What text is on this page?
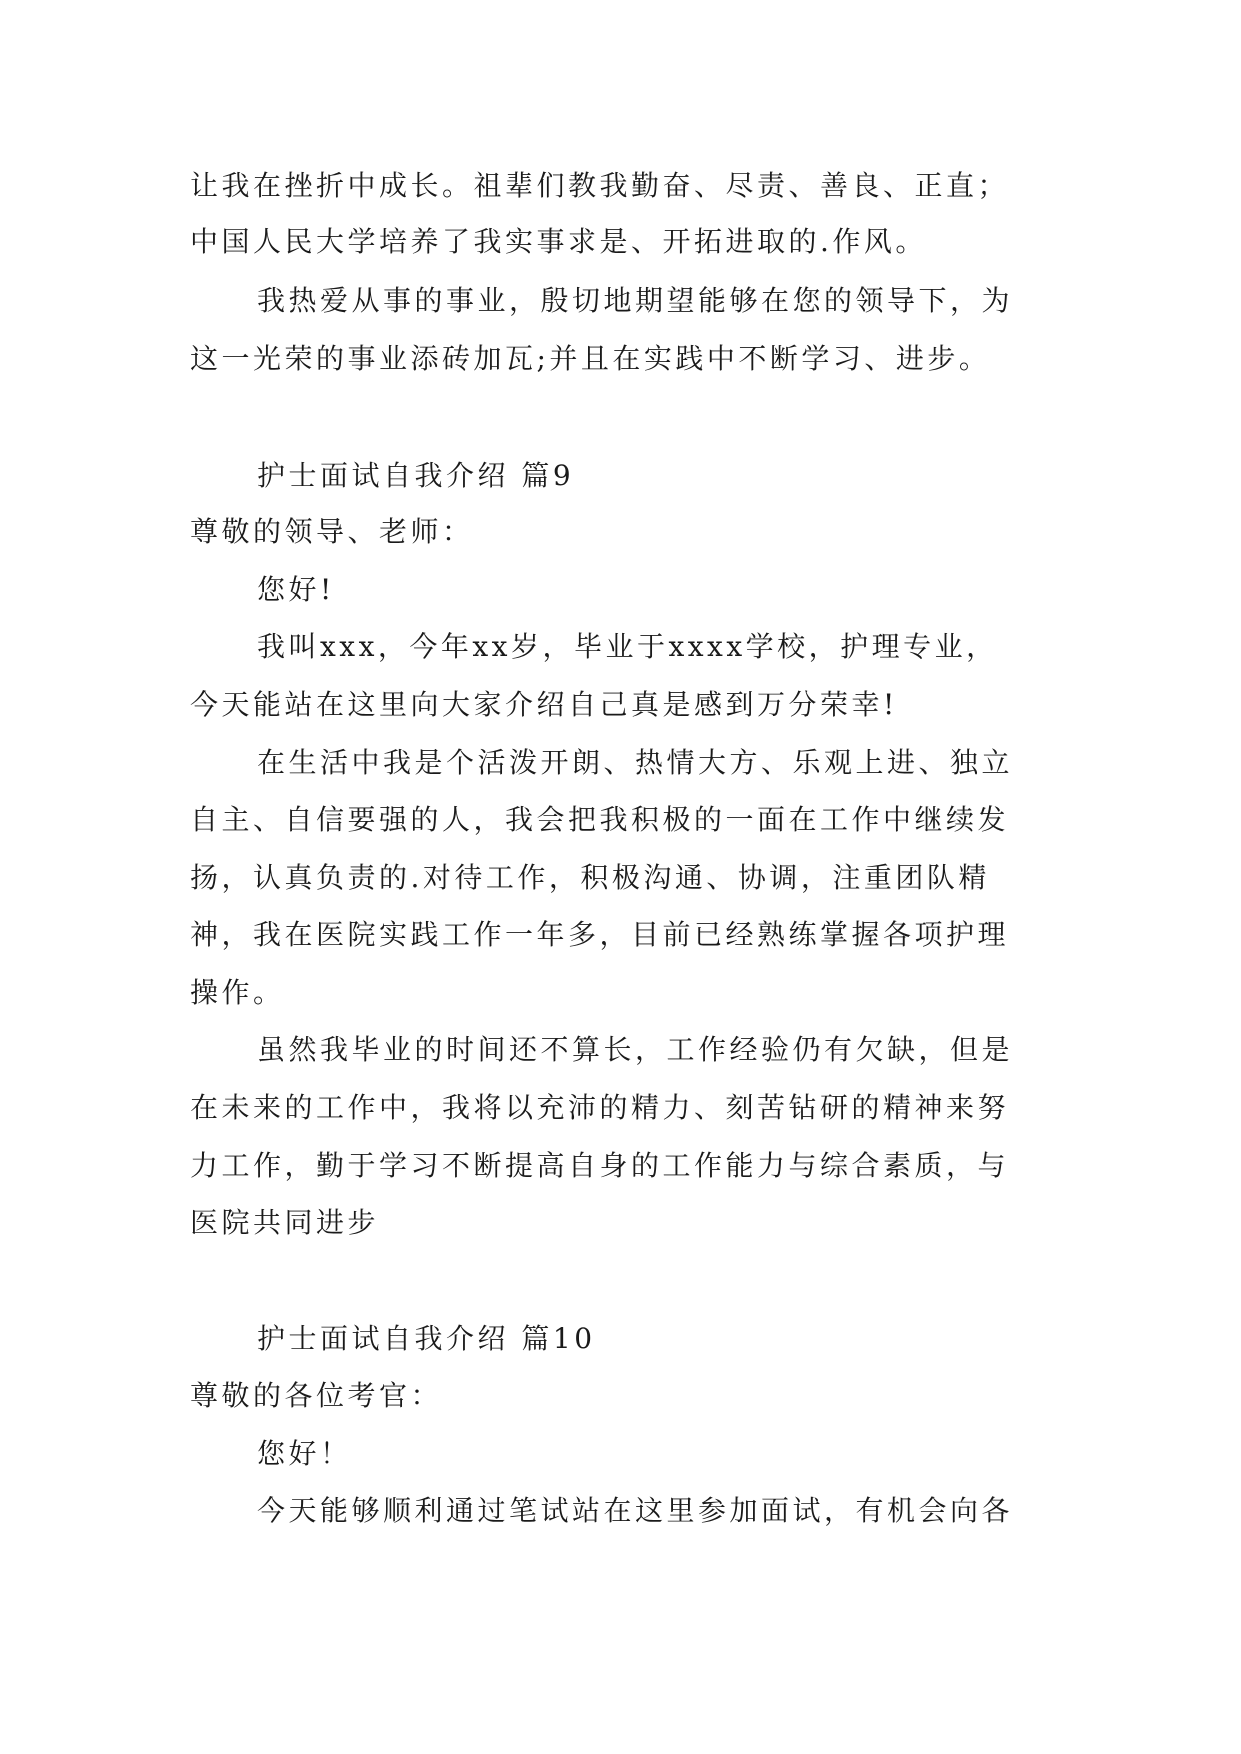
让我在挫折中成长。祖辈们教我勤奋、尽责、善良、正直；
中国人民大学培养了我实事求是、开拓进取的.作风。
我热爱从事的事业，殷切地期望能够在您的领导下，为
这一光荣的事业添砖加瓦;并且在实践中不断学习、进步。
护士面试自我介绍 篇9
尊敬的领导、老师：
您好!
我叫xxx，今年xx岁，毕业于xxxx学校，护理专业，
今天能站在这里向大家介绍自己真是感到万分荣幸!
在生活中我是个活泼开朗、热情大方、乐观上进、独立
自主、自信要强的人，我会把我积极的一面在工作中继续发
扬，认真负责的.对待工作，积极沟通、协调，注重团队精
神，我在医院实践工作一年多，目前已经熟练掌握各项护理
操作。
虽然我毕业的时间还不算长，工作经验仍有欠缺，但是
在未来的工作中，我将以充沛的精力、刻苦钻研的精神来努
力工作，勤于学习不断提高自身的工作能力与综合素质，与
医院共同进步
护士面试自我介绍 篇10
尊敬的各位考官：
您好！
今天能够顺利通过笔试站在这里参加面试，有机会向各
